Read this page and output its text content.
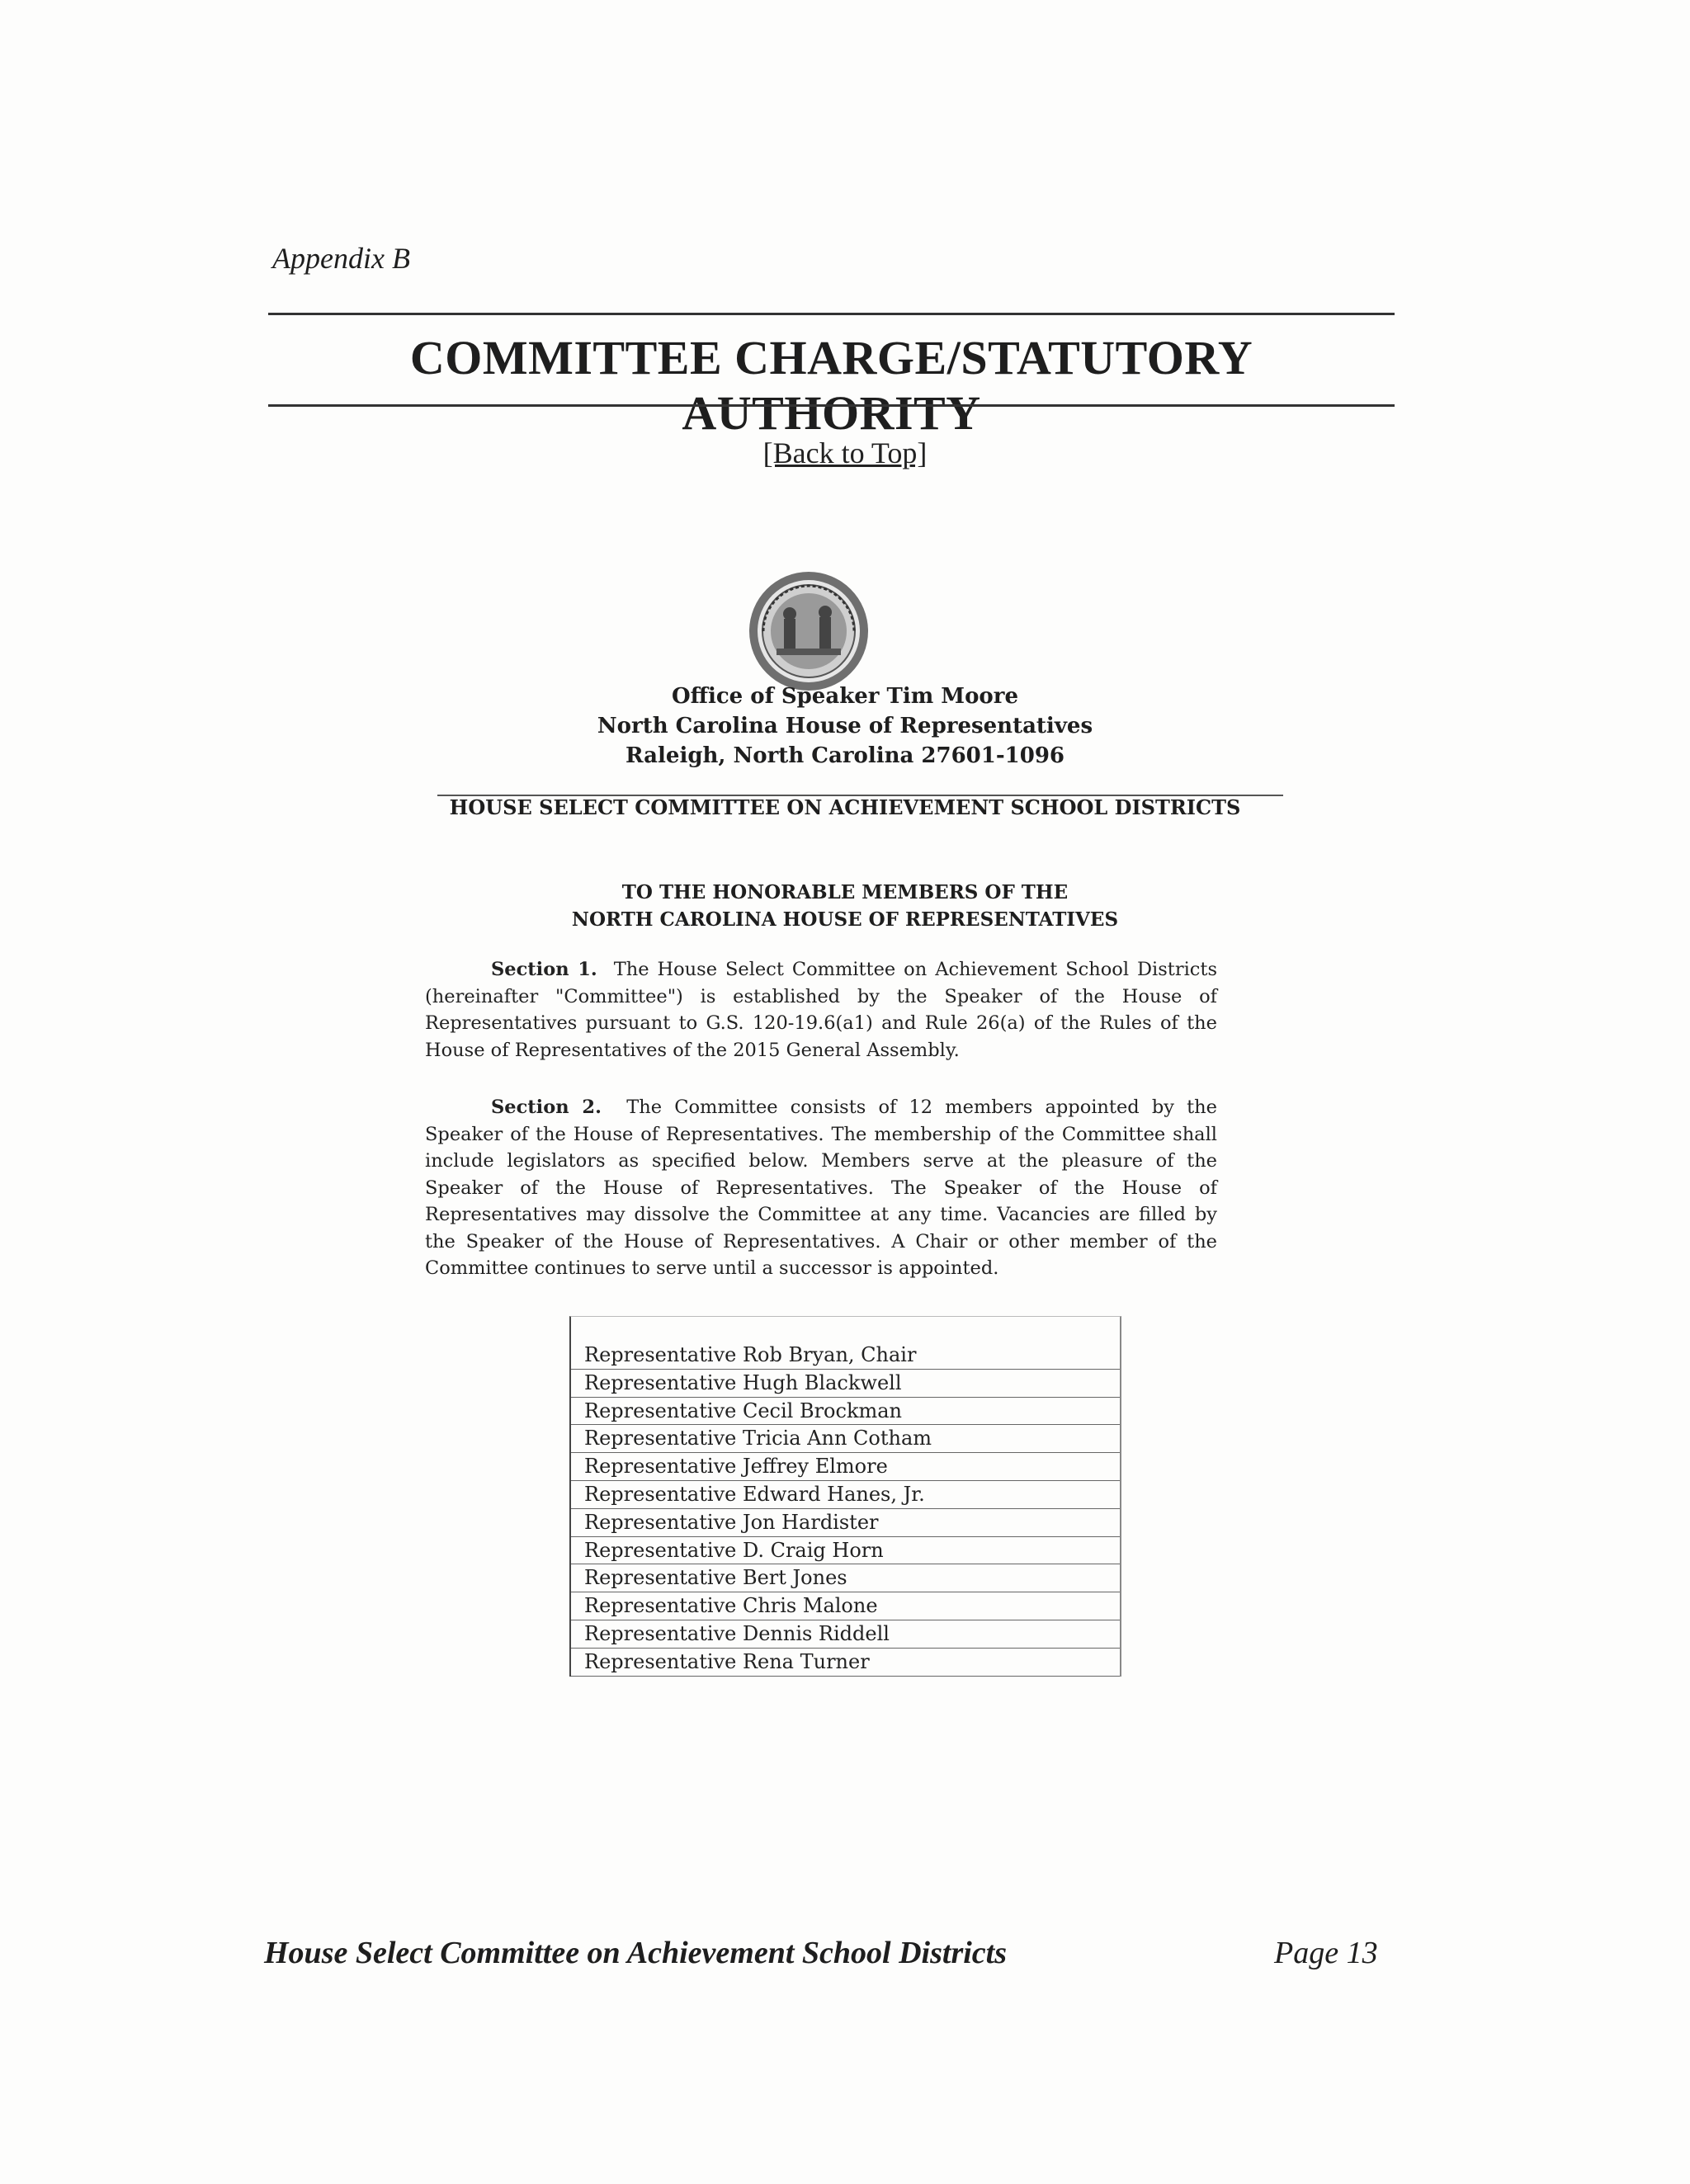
Appendix B
COMMITTEE CHARGE/STATUTORY AUTHORITY
[Back to Top]
Office of Speaker Tim Moore
North Carolina House of Representatives
Raleigh, North Carolina 27601-1096
HOUSE SELECT COMMITTEE ON ACHIEVEMENT SCHOOL DISTRICTS
TO THE HONORABLE MEMBERS OF THE
NORTH CAROLINA HOUSE OF REPRESENTATIVES
Section 1. The House Select Committee on Achievement School Districts (hereinafter "Committee") is established by the Speaker of the House of Representatives pursuant to G.S. 120-19.6(a1) and Rule 26(a) of the Rules of the House of Representatives of the 2015 General Assembly.
Section 2. The Committee consists of 12 members appointed by the Speaker of the House of Representatives. The membership of the Committee shall include legislators as specified below. Members serve at the pleasure of the Speaker of the House of Representatives. The Speaker of the House of Representatives may dissolve the Committee at any time. Vacancies are filled by the Speaker of the House of Representatives. A Chair or other member of the Committee continues to serve until a successor is appointed.
Representative Rob Bryan, Chair
Representative Hugh Blackwell
Representative Cecil Brockman
Representative Tricia Ann Cotham
Representative Jeffrey Elmore
Representative Edward Hanes, Jr.
Representative Jon Hardister
Representative D. Craig Horn
Representative Bert Jones
Representative Chris Malone
Representative Dennis Riddell
Representative Rena Turner
House Select Committee on Achievement School Districts	Page 13
